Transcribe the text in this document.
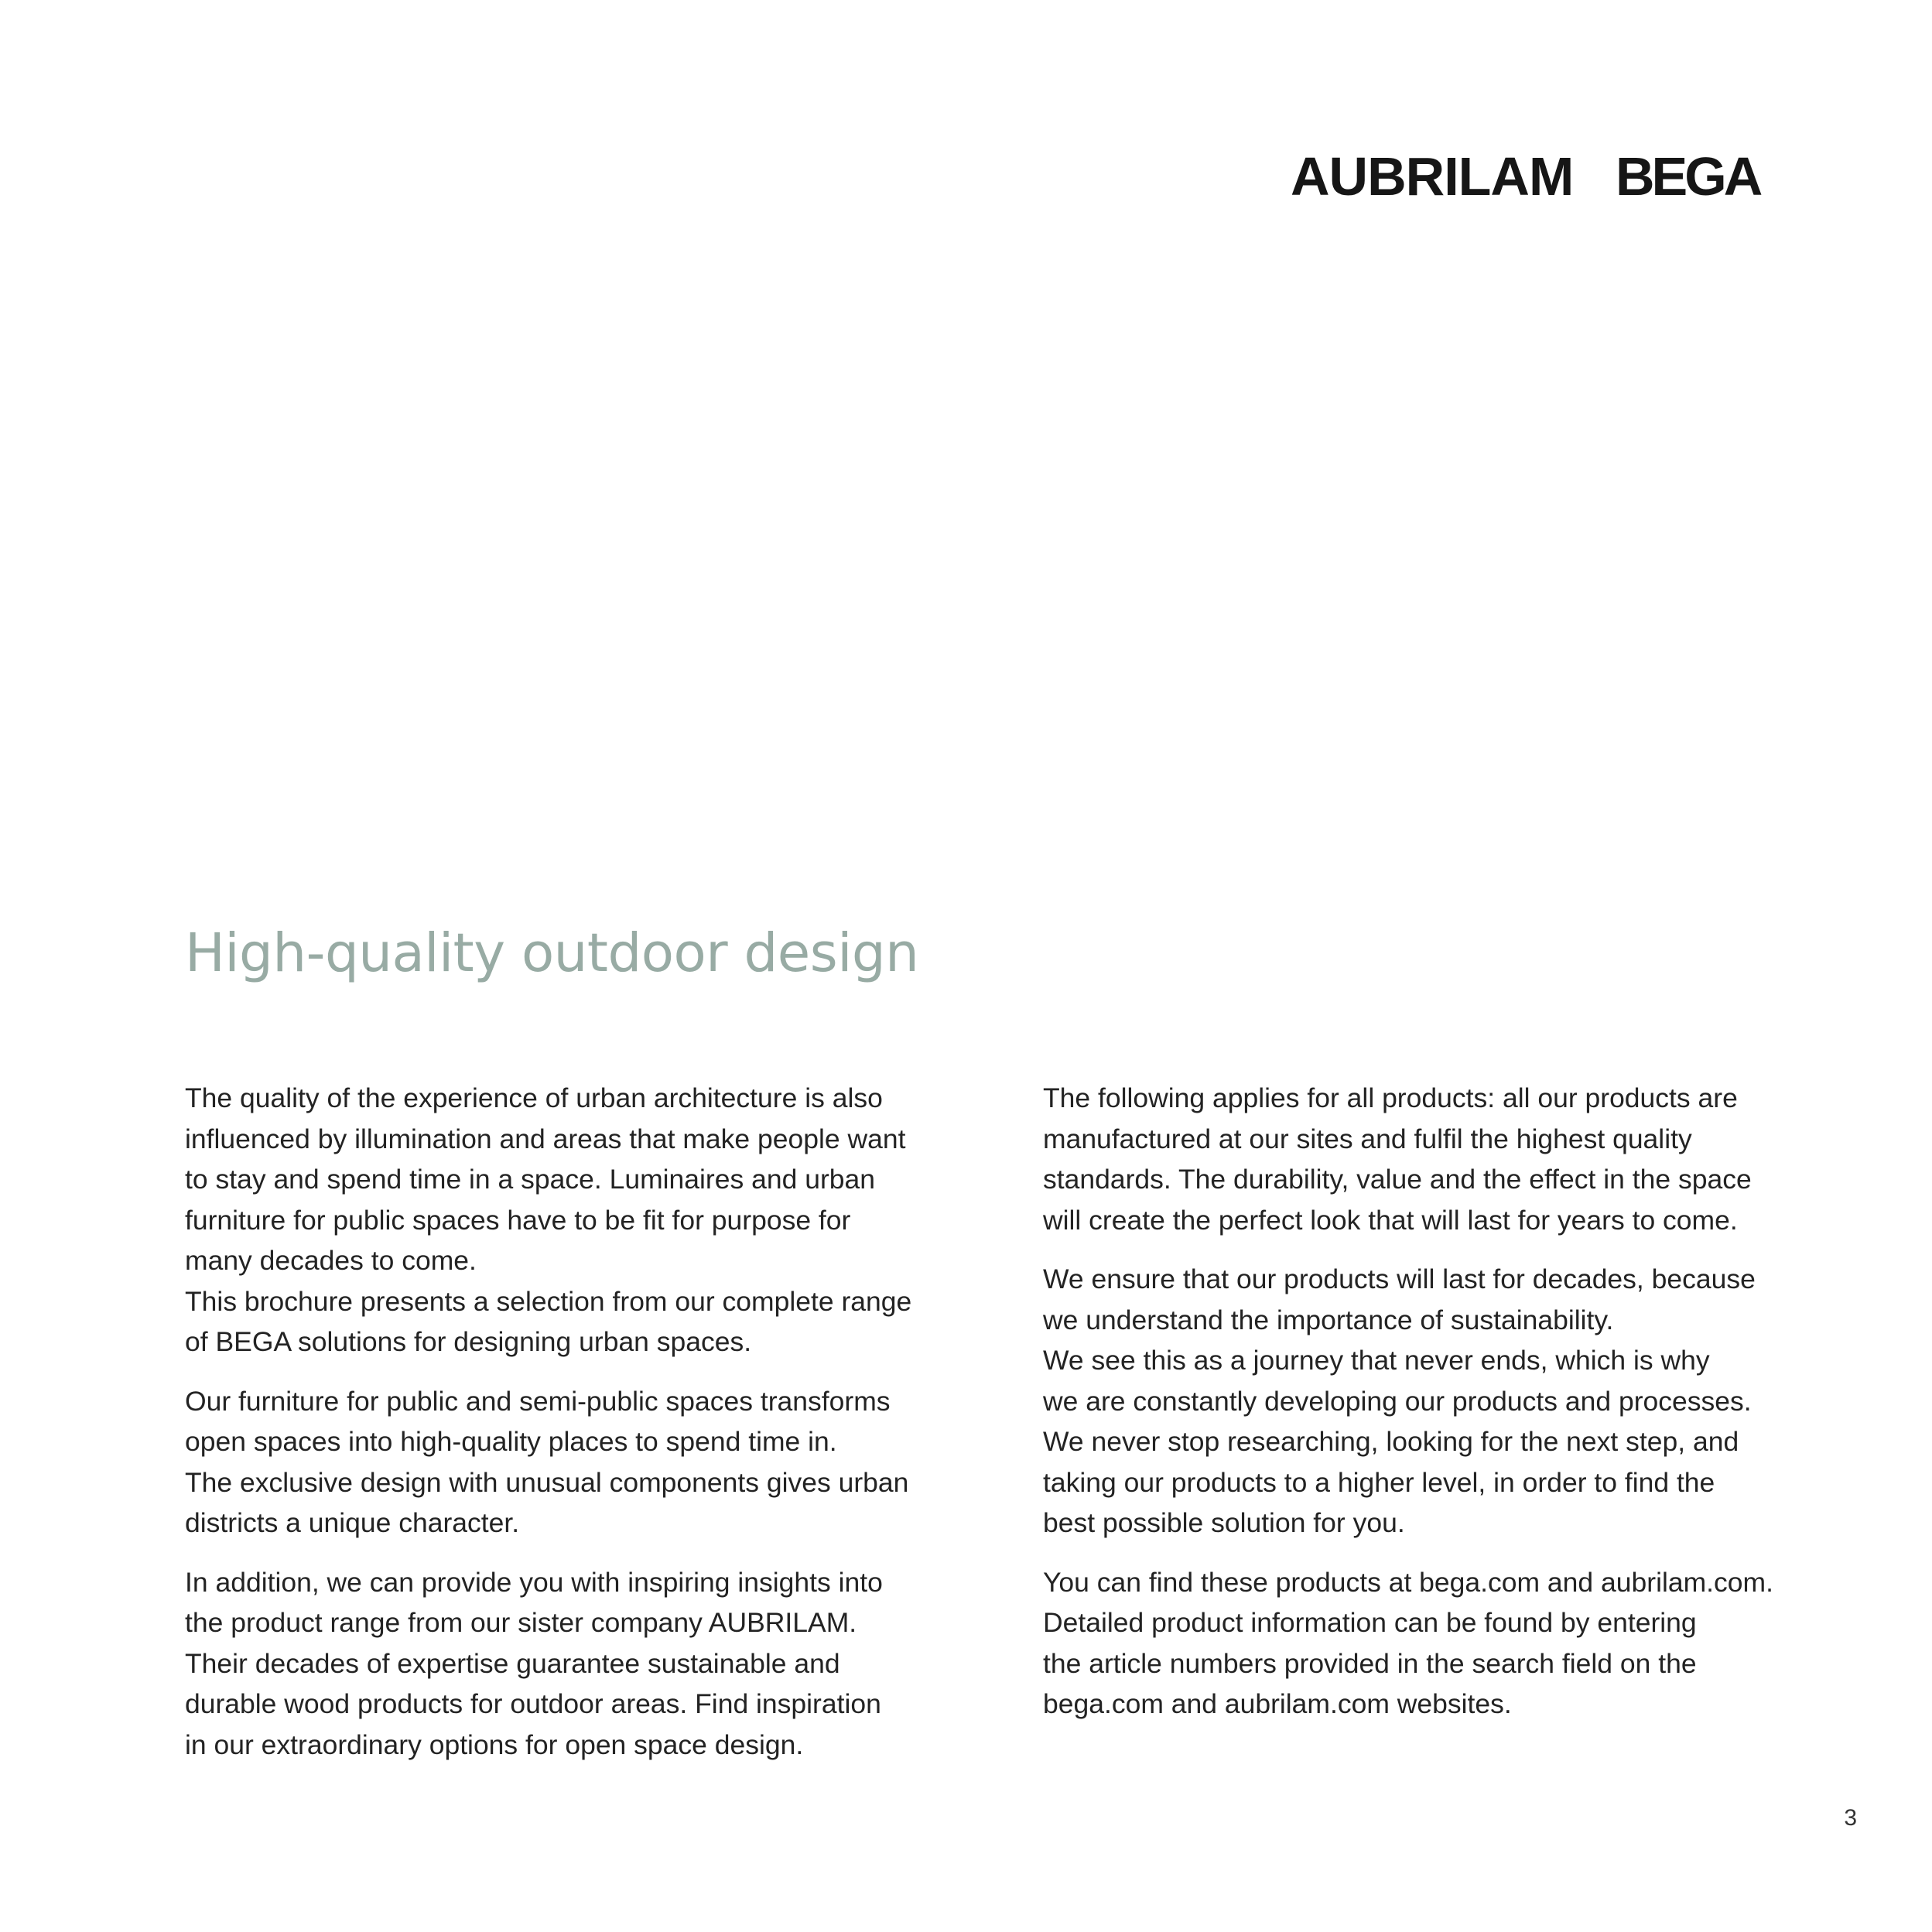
AUBRILAM BEGA
High-quality outdoor design

The quality of the experience of urban architecture is also
influenced by illumination and areas that make people want
to stay and spend time in a space. Luminaires and urban
furniture for public spaces have to be fit for purpose for
many decades to come.
This brochure presents a selection from our complete range
of BEGA solutions for designing urban spaces.

Our furniture for public and semi-public spaces transforms
open spaces into high-quality places to spend time in.
The exclusive design with unusual components gives urban
districts a unique character.

In addition, we can provide you with inspiring insights into
the product range from our sister company AUBRILAM.
Their decades of expertise guarantee sustainable and
durable wood products for outdoor areas. Find inspiration
in our extraordinary options for open space design.

The following applies for all products: all our products are
manufactured at our sites and fulfil the highest quality
standards. The durability, value and the effect in the space
will create the perfect look that will last for years to come.

We ensure that our products will last for decades, because
we understand the importance of sustainability.
We see this as a journey that never ends, which is why
we are constantly developing our products and processes.
We never stop researching, looking for the next step, and
taking our products to a higher level, in order to find the
best possible solution for you.

You can find these products at bega.com and aubrilam.com.
Detailed product information can be found by entering
the article numbers provided in the search field on the
bega.com and aubrilam.com websites.

3
